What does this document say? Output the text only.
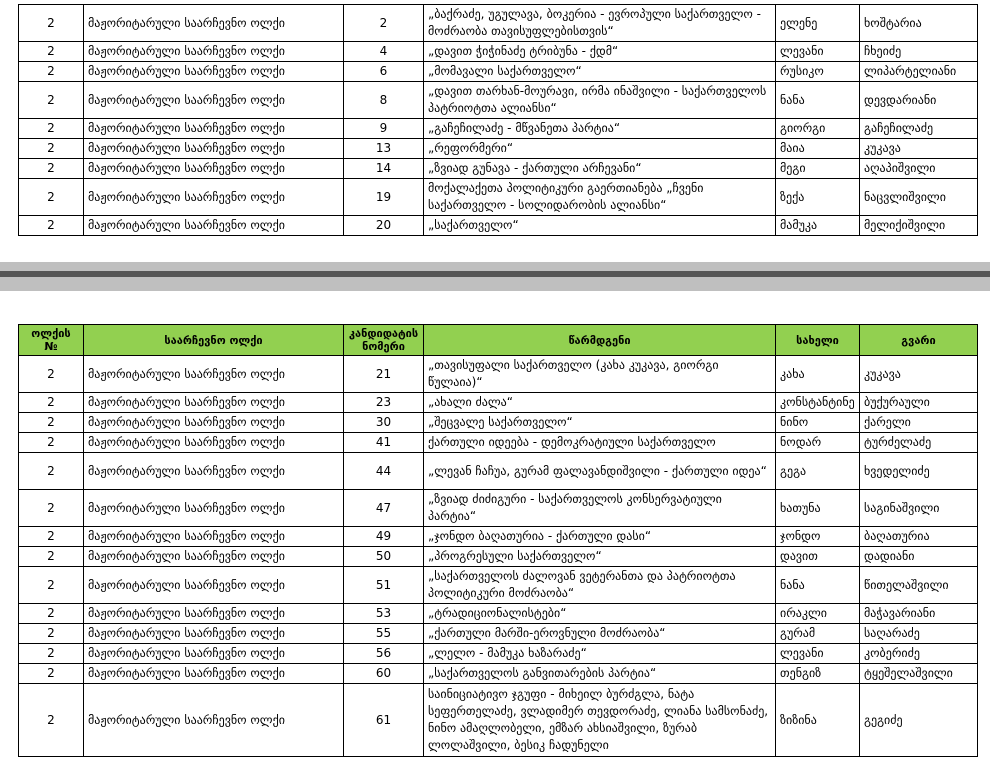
2	მაჟორიტარული საარჩევნო ოლქი	2	„ბაქრაძე, უგულავა, ბოკერია - ევროპული საქართველო - მოძრაობა თავისუფლებისთვის“	ელენე	ხოშტარია
2	მაჟორიტარული საარჩევნო ოლქი	4	„დავით ჭიჭინაძე ტრიბუნა - ქდმ“	ლევანი	ჩხეიძე
2	მაჟორიტარული საარჩევნო ოლქი	6	„მომავალი საქართველო“	რუსიკო	ლიპარტელიანი
2	მაჟორიტარული საარჩევნო ოლქი	8	„დავით თარხან-მოურავი, ირმა ინაშვილი - საქართველოს პატრიოტთა ალიანსი“	ნანა	დევდარიანი
2	მაჟორიტარული საარჩევნო ოლქი	9	„გაჩეჩილაძე - მწვანეთა პარტია“	გიორგი	გაჩეჩილაძე
2	მაჟორიტარული საარჩევნო ოლქი	13	„რეფორმერი“	მაია	კუკავა
2	მაჟორიტარული საარჩევნო ოლქი	14	„ზვიად გუნავა - ქართული არჩევანი“	მეგი	აღაპიშვილი
2	მაჟორიტარული საარჩევნო ოლქი	19	მოქალაქეთა პოლიტიკური გაერთიანება „ჩვენი საქართველო - სოლიდარობის ალიანსი“	ზექა	ნაცვლიშვილი
2	მაჟორიტარული საარჩევნო ოლქი	20	„საქართველო“	მამუკა	მელიქიშვილი
ოლქის №	საარჩევნო ოლქი	კანდიდატის ნომერი	წარმდგენი	სახელი	გვარი
2	მაჟორიტარული საარჩევნო ოლქი	21	„თავისუფალი საქართველო (კახა კუკავა, გიორგი წულაია)“	კახა	კუკავა
2	მაჟორიტარული საარჩევნო ოლქი	23	„ახალი ძალა“	კონსტანტინე	ბუქურაული
2	მაჟორიტარული საარჩევნო ოლქი	30	„შეცვალე საქართველო“	ნინო	ქარელი
2	მაჟორიტარული საარჩევნო ოლქი	41	ქართული იდეება - დემოკრატიული საქართველო	ნოდარ	ტურძელაძე
2	მაჟორიტარული საარჩევნო ოლქი	44	„ლევან ჩაჩუა, გურამ ფალავანდიშვილი - ქართული იდეა“	გეგა	ხვედელიძე
2	მაჟორიტარული საარჩევნო ოლქი	47	„ზვიად ძიძიგური - საქართველოს კონსერვატიული პარტია“	ხათუნა	საგინაშვილი
2	მაჟორიტარული საარჩევნო ოლქი	49	„ჯონდო ბაღათურია - ქართული დასი“	ჯონდო	ბაღათურია
2	მაჟორიტარული საარჩევნო ოლქი	50	„პროგრესული საქართველო“	დავით	დადიანი
2	მაჟორიტარული საარჩევნო ოლქი	51	„საქართველოს ძალოვან ვეტერანთა და პატრიოტთა პოლიტიკური მოძრაობა“	ნანა	წითელაშვილი
2	მაჟორიტარული საარჩევნო ოლქი	53	„ტრადიციონალისტები“	ირაკლი	მაჭავარიანი
2	მაჟორიტარული საარჩევნო ოლქი	55	„ქართული მარში-ეროვნული მოძრაობა“	გურამ	საღარაძე
2	მაჟორიტარული საარჩევნო ოლქი	56	„ლელო - მამუკა ხაზარაძე“	ლევანი	კობერიძე
2	მაჟორიტარული საარჩევნო ოლქი	60	„საქართველოს განვითარების პარტია“	თენგიზ	ტყეშელაშვილი
2	მაჟორიტარული საარჩევნო ოლქი	61	საინიციატივო ჯგუფი - მიხეილ ბურძგლა, ნატა სეფერთელაძე, ვლადიმერ თევდორაძე, ლიანა სამსონაძე, ნინო ამაღლობელი, ემზარ ახსიაშვილი, ზურაბ ლოლაშვილი, ბესიკ ჩადუნელი	ზიზინა	გეგიძე
